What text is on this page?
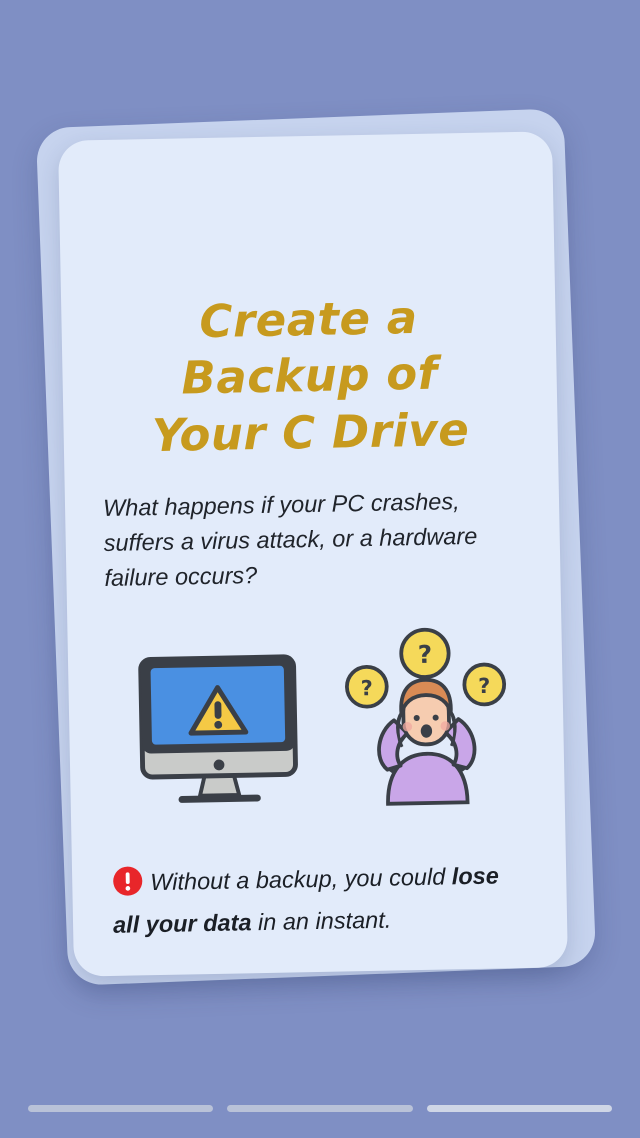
Create a Backup of
Your C Drive
What happens if your PC crashes, suffers a virus attack, or a hardware failure occurs?
?
?	?
Without a backup, you could lose all your data in an instant.
